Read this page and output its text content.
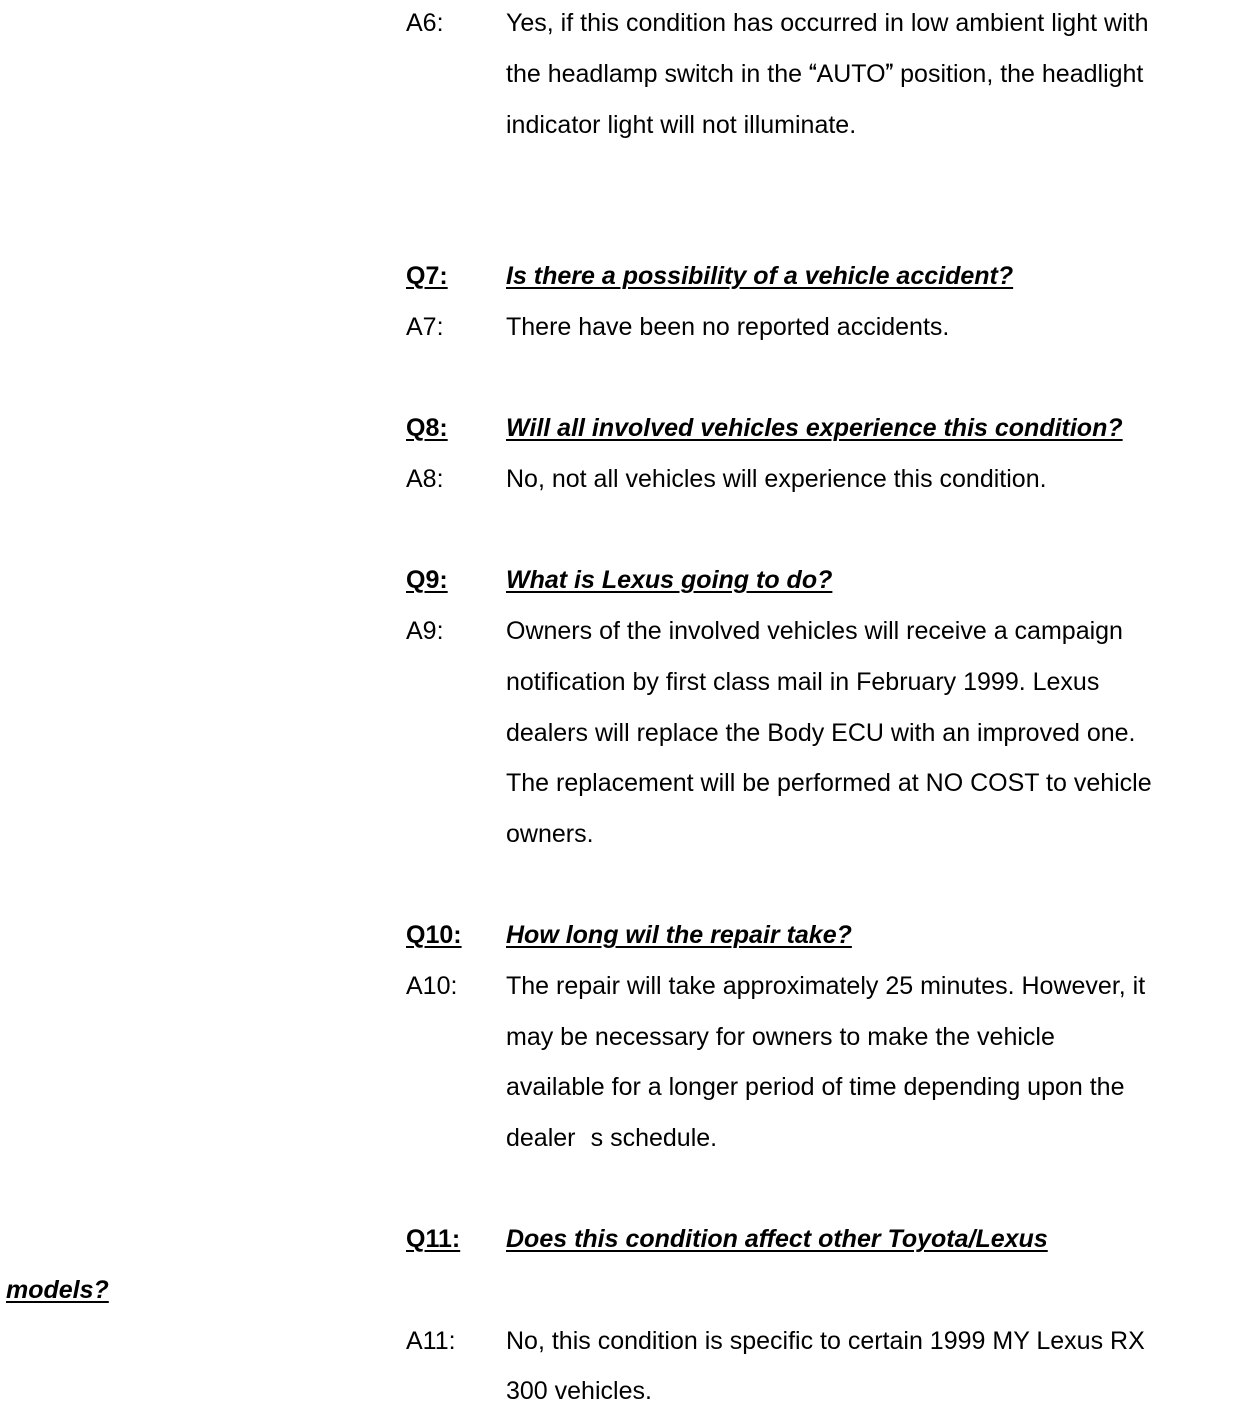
A6: Yes, if this condition has occurred in low ambient light with
the headlamp switch in the AUTO position, the headlight
indicator light will not illuminate.
Q7:	Is there a possibility of a vehicle accident?
A7: There have been no reported accidents.
Q8:	Will all involved vehicles experience this condition?
A8: No, not all vehicles will experience this condition.
Q9:	What is Lexus going to do?
A9: Owners of the involved vehicles will receive a campaign
notification by first class mail in February 1999. Lexus
dealers will replace the Body ECU with an improved one.
The replacement will be performed at NO COST to vehicle
owners.
Q10:	How long wil the repair take?
A10: The repair will take approximately 25 minutes. However, it
may be necessary for owners to make the vehicle
available for a longer period of time depending upon the
dealers schedule.
Q11:	Does this condition affect other Toyota/Lexus
models?
A11: No, this condition is specific to certain 1999 MY Lexus RX
300 vehicles.
